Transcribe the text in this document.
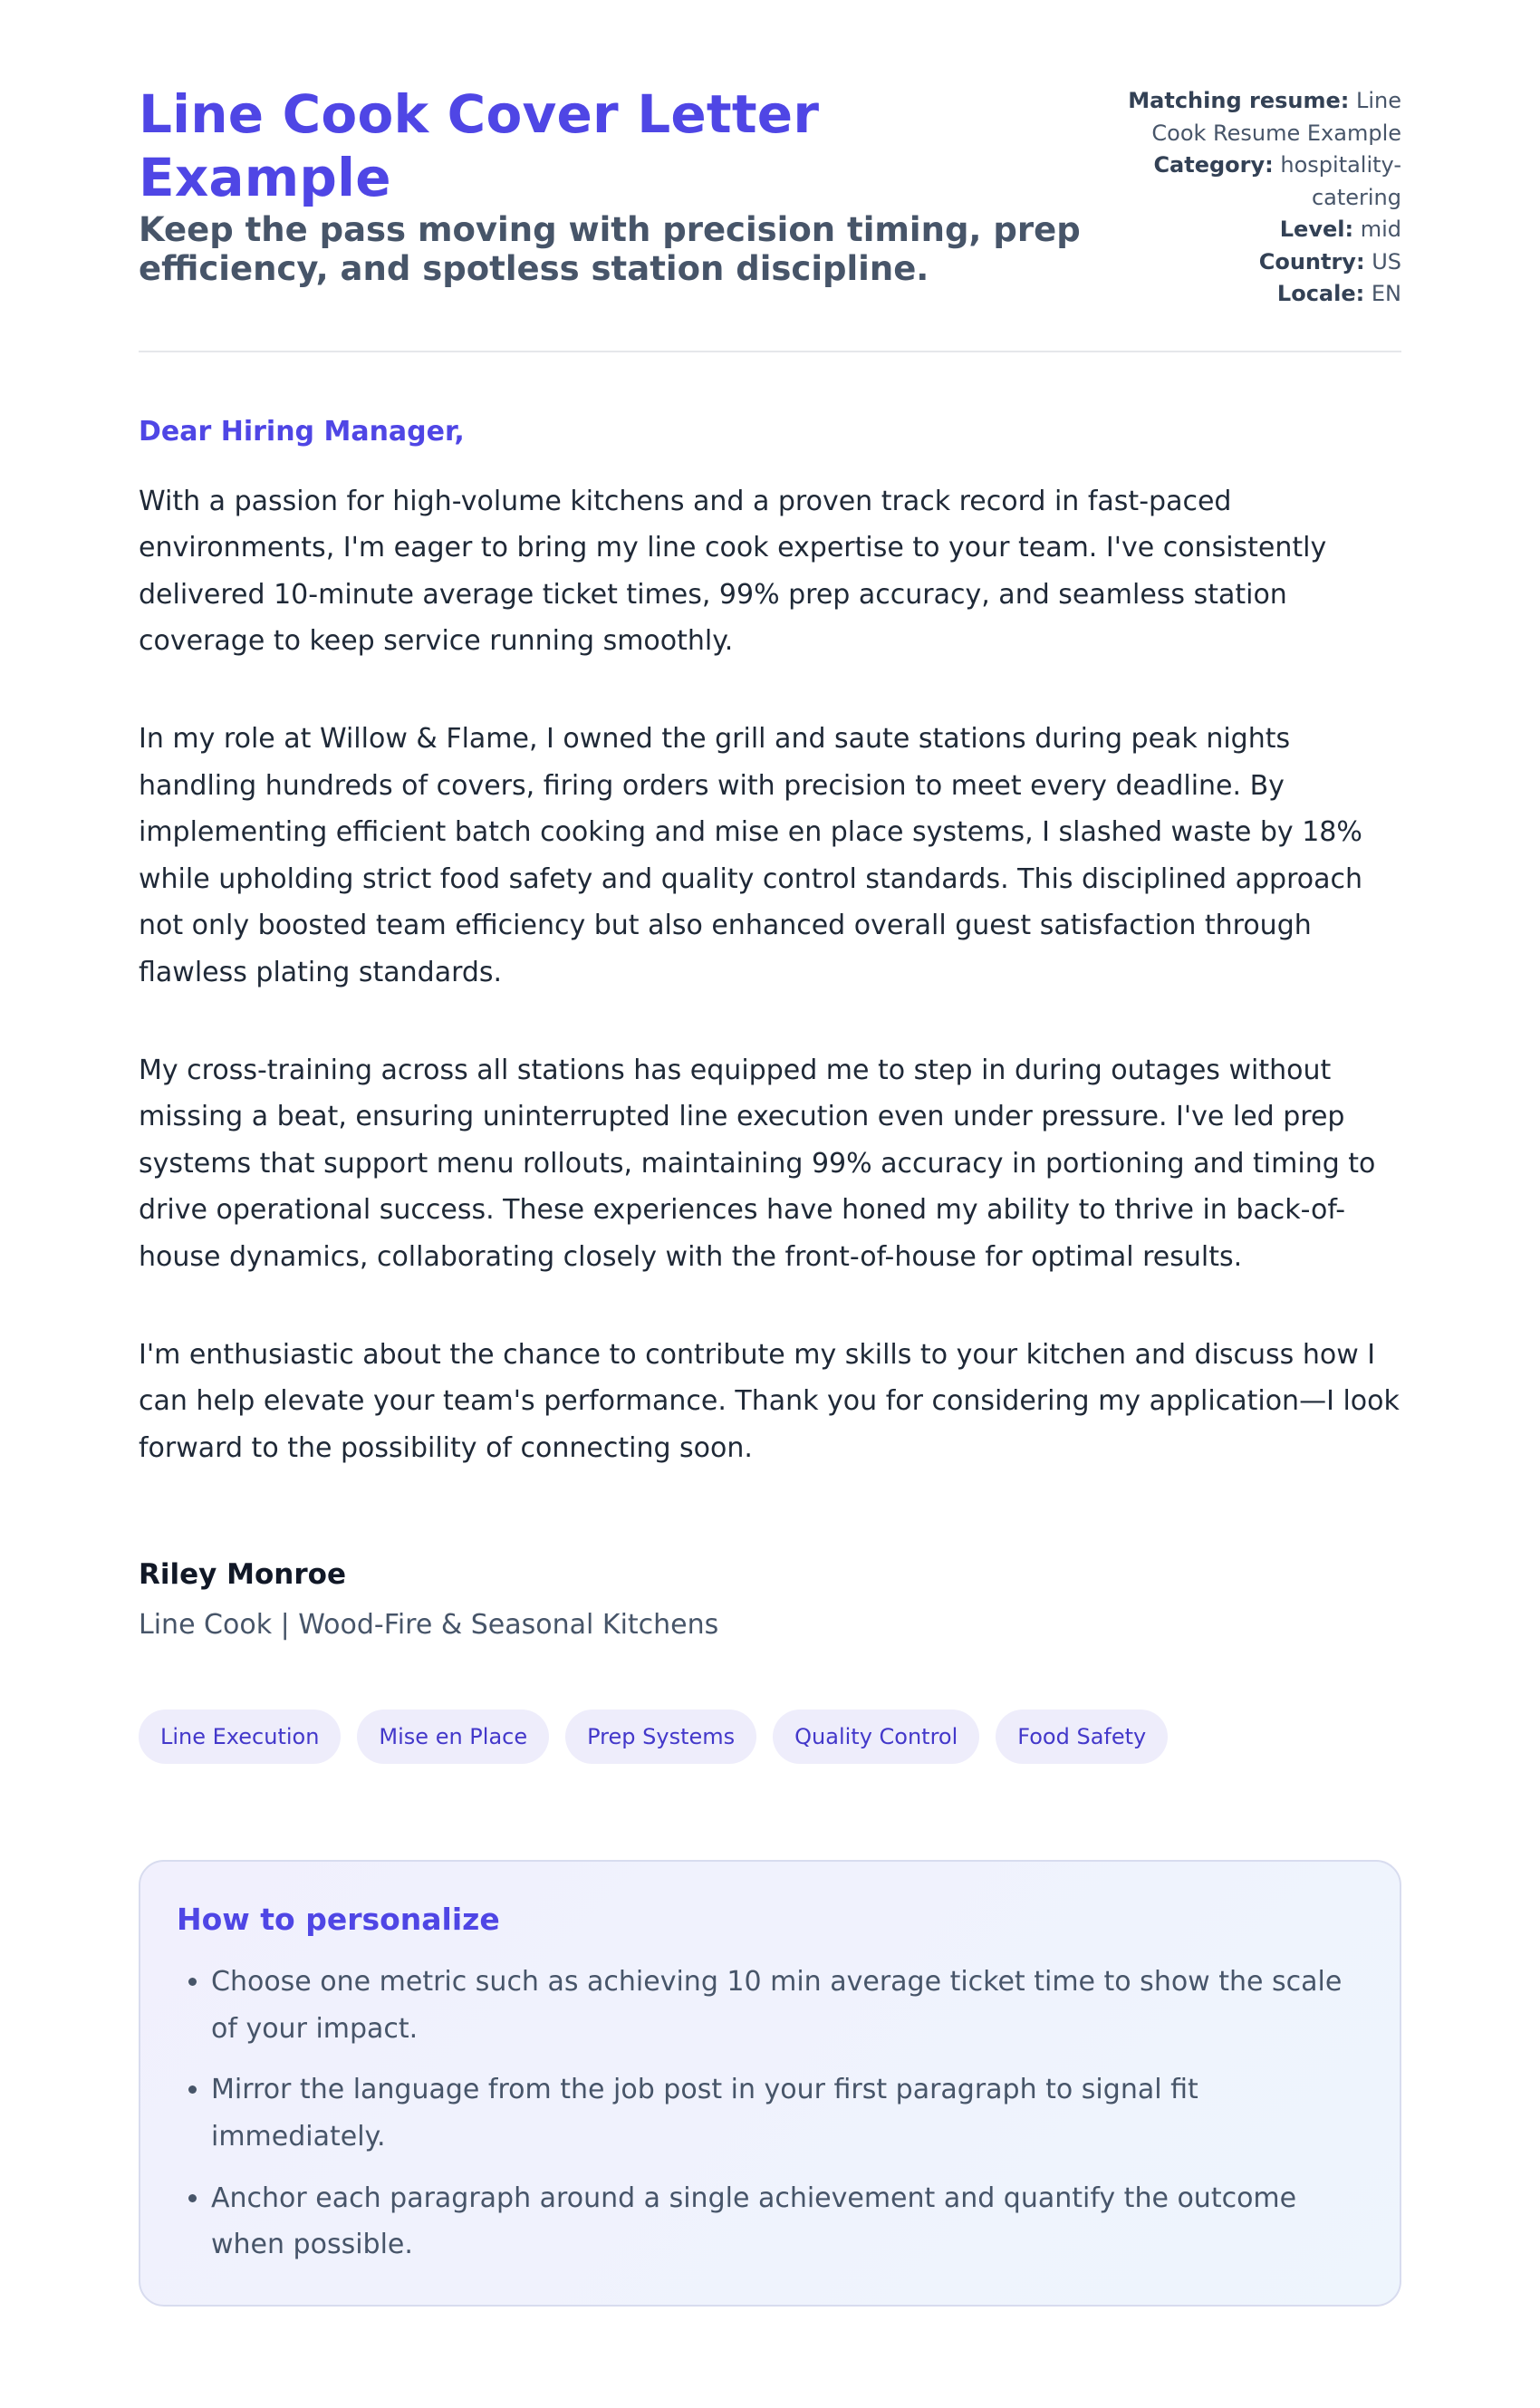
Line Cook Cover Letter Example
Keep the pass moving with precision timing, prep efficiency, and spotless station discipline.
Matching resume: Line Cook Resume Example
Category: hospitality-catering
Level: mid
Country: US
Locale: EN
Dear Hiring Manager,

With a passion for high-volume kitchens and a proven track record in fast-paced environments, I'm eager to bring my line cook expertise to your team. I've consistently delivered 10-minute average ticket times, 99% prep accuracy, and seamless station coverage to keep service running smoothly.

In my role at Willow & Flame, I owned the grill and saute stations during peak nights handling hundreds of covers, firing orders with precision to meet every deadline. By implementing efficient batch cooking and mise en place systems, I slashed waste by 18% while upholding strict food safety and quality control standards. This disciplined approach not only boosted team efficiency but also enhanced overall guest satisfaction through flawless plating standards.

My cross-training across all stations has equipped me to step in during outages without missing a beat, ensuring uninterrupted line execution even under pressure. I've led prep systems that support menu rollouts, maintaining 99% accuracy in portioning and timing to drive operational success. These experiences have honed my ability to thrive in back-of-house dynamics, collaborating closely with the front-of-house for optimal results.

I'm enthusiastic about the chance to contribute my skills to your kitchen and discuss how I can help elevate your team's performance. Thank you for considering my application—I look forward to the possibility of connecting soon.

Riley Monroe
Line Cook | Wood-Fire & Seasonal Kitchens
Line Execution	Mise en Place	Prep Systems	Quality Control	Food Safety
How to personalize
• Choose one metric such as achieving 10 min average ticket time to show the scale of your impact.
• Mirror the language from the job post in your first paragraph to signal fit immediately.
• Anchor each paragraph around a single achievement and quantify the outcome when possible.
